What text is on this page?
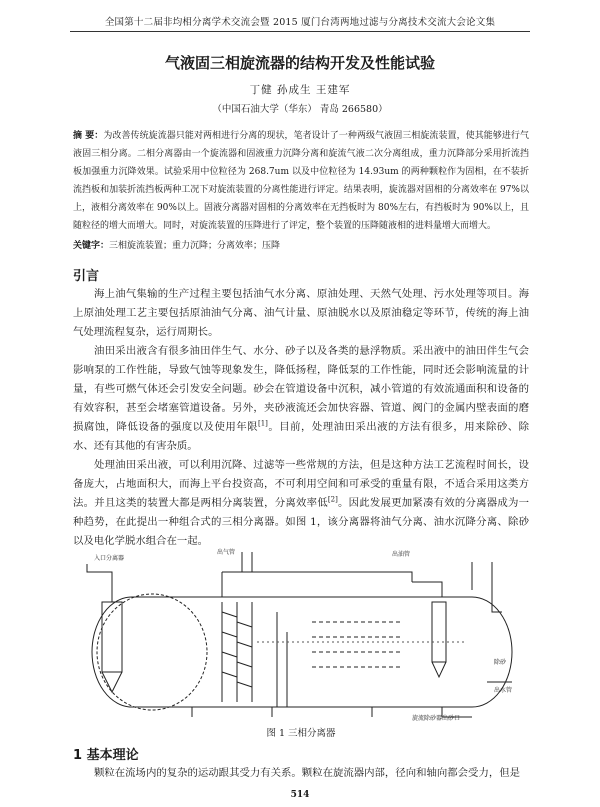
全国第十二届非均相分离学术交流会暨 2015 厦门台湾两地过滤与分离技术交流大会论文集
气液固三相旋流器的结构开发及性能试验
丁健 孙成生 王建军
（中国石油大学（华东） 青岛 266580）
摘 要：为改善传统旋流器只能对两相进行分离的现状，笔者设计了一种两级气液固三相旋流装置，使其能够进行气液固三相分离。二相分离器由一个旋流器和固液重力沉降分离和旋流气液二次分离组成，重力沉降部分采用折流挡板加强重力沉降效果。试验采用中位粒径为 268.7um 以及中位粒径为 14.93um 的两种颗粒作为固相，在不装折流挡板和加装折流挡板两种工况下对旋流装置的分离性能进行评定。结果表明，旋流器对固相的分离效率在 97%以上，液相分离效率在 90%以上。固液分离器对固相的分离效率在无挡板时为 80%左右，有挡板时为 90%以上，且随粒径的增大而增大。同时，对旋流装置的压降进行了评定，整个装置的压降随液相的进料量增大而增大。
关键字：三相旋流装置；重力沉降；分离效率；压降
引言
海上油气集输的生产过程主要包括油气水分离、原油处理、天然气处理、污水处理等项目。海上原油处理工艺主要包括原油油气分离、油气计量、原油脱水以及原油稳定等环节，传统的海上油气处理流程复杂，运行周期长。
油田采出液含有很多油田伴生气、水分、砂子以及各类的悬浮物质。采出液中的油田伴生气会影响泵的工作性能，导致气蚀等现象发生，降低扬程，降低泵的工作性能，同时还会影响流量的计量，有些可燃气体还会引发安全问题。砂会在管道设备中沉积，减小管道的有效流通面积和设备的有效容积，甚至会堵塞管道设备。另外，夹砂液流还会加快容器、管道、阀门的金属内壁表面的磨损腐蚀，降低设备的强度以及使用年限[1]。目前，处理油田采出液的方法有很多，用来除砂、除水、还有其他的有害杂质。
处理油田采出液，可以利用沉降、过滤等一些常规的方法，但是这种方法工艺流程时间长，设备庞大，占地面积大，而海上平台投资高，不可利用空间和可承受的重量有限，不适合采用这类方法。并且这类的装置大都是两相分离装置，分离效率低[2]。因此发展更加紧凑有效的分离器成为一种趋势，在此提出一种组合式的三相分离器。如图 1，该分离器将油气分离、油水沉降分离、除砂以及电化学脱水组合在一起。
入口分离器
出气管	出油管
除砂
出水管
旋流除砂器出砂口
图 1 三相分离器
1 基本理论
颗粒在流场内的复杂的运动跟其受力有关系。颗粒在旋流器内部，径向和轴向都会受力，但是
514
